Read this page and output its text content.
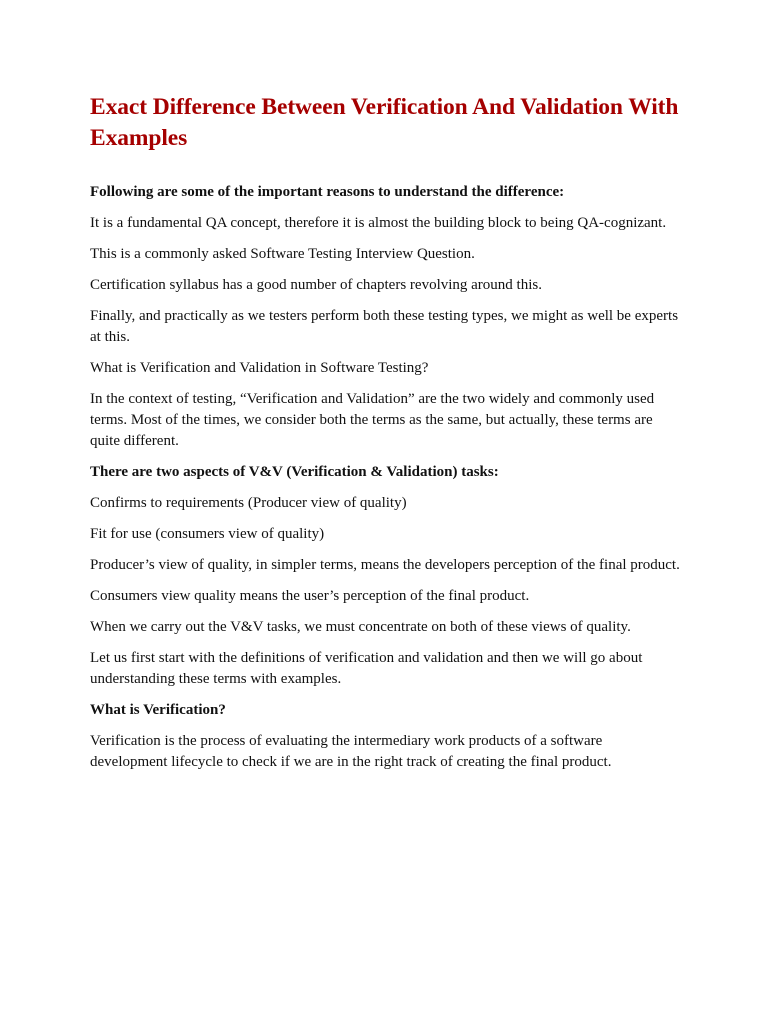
Exact Difference Between Verification And Validation With Examples

Following are some of the important reasons to understand the difference:

It is a fundamental QA concept, therefore it is almost the building block to being QA-cognizant.

This is a commonly asked Software Testing Interview Question.

Certification syllabus has a good number of chapters revolving around this.

Finally, and practically as we testers perform both these testing types, we might as well be experts at this.

What is Verification and Validation in Software Testing?

In the context of testing, “Verification and Validation” are the two widely and commonly used terms. Most of the times, we consider both the terms as the same, but actually, these terms are quite different.

There are two aspects of V&V (Verification & Validation) tasks:

Confirms to requirements (Producer view of quality)

Fit for use (consumers view of quality)

Producer’s view of quality, in simpler terms, means the developers perception of the final product.

Consumers view quality means the user’s perception of the final product.

When we carry out the V&V tasks, we must concentrate on both of these views of quality.

Let us first start with the definitions of verification and validation and then we will go about understanding these terms with examples.

What is Verification?

Verification is the process of evaluating the intermediary work products of a software development lifecycle to check if we are in the right track of creating the final product.
